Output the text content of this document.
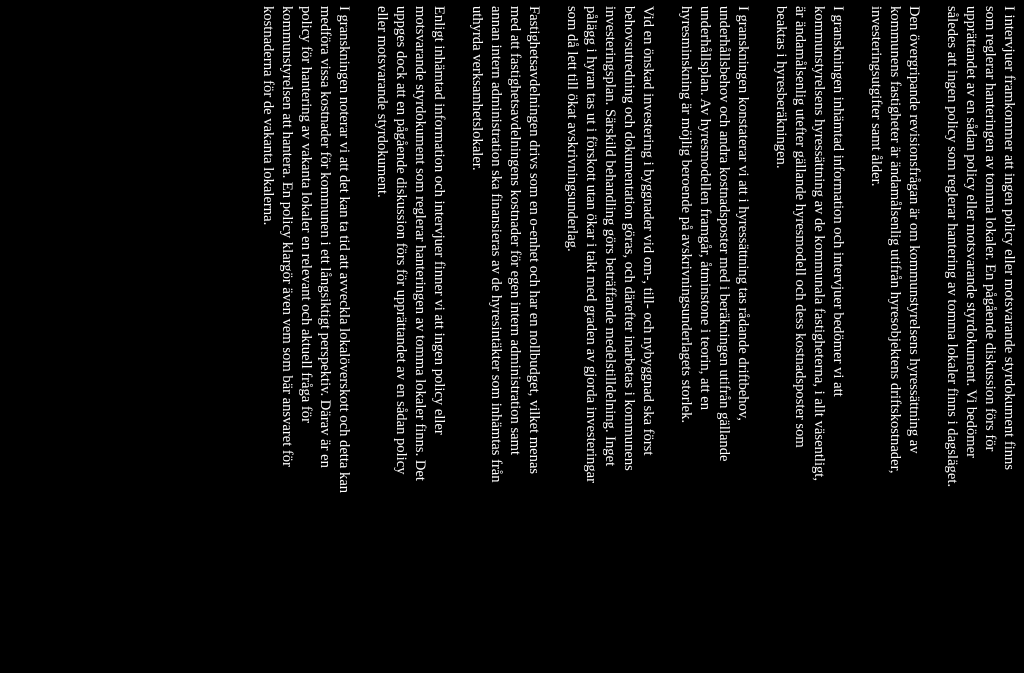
I intervjuer framkommer att ingen policy eller motsvarande styrdokument finns
som reglerar hanteringen av tomma lokaler. En pågående diskussion förs för
upprättandet av en sådan policy eller motsvarande styrdokument. Vi bedömer
således att ingen policy som reglerar hantering av tomma lokaler finns i dagsläget.
Den övergripande revisionsfrågan är om kommunstyrelsens hyressättning av
kommunens fastigheter är ändamålsenlig utifrån hyresobjektens driftskostnader,
investeringsutgifter samt ålder.
I granskningen inhämtad information och intervjuer bedömer vi att
kommunstyrelsens hyressättning av de kommunala fastigheterna, i allt väsentligt,
är ändamålsenlig utefter gällande hyresmodell och dess kostnadsposter som
beaktas i hyresberäkningen.
I granskningen konstaterar vi att i hyressättning tas rådande driftbehov,
underhållsbehov och andra kostnadsposter med i beräkningen utifrån gällande
underhållsplan. Av hyresmodellen framgår, åtminstone i teorin, att en
hyresminskning är möjlig beroende på avskrivningsunderlagets storlek.
Vid en önskad investering i byggnader vid om-, till- och nybyggnad ska först
behovsutredning och dokumentation göras, och därefter inarbetas i kommunens
investeringsplan. Särskild behandling görs beträffande medelstilldelning. Inget
pålägg i hyran tas ut i förskott utan ökar i takt med graden av gjorda investeringar
som då lett till ökat avskrivningsunderlag.
Fastighetsavdelningen drivs som en o-enhet och har en nollbudget, vilket menas
med att fastighetsavdelningens kostnader för egen intern administration samt
annan intern administration ska finansieras av de hyresintäkter som inhämtas från
uthyrda verksamhetslokaler.
Enligt inhämtad information och intervjuer finner vi att ingen policy eller
motsvarande styrdokument som reglerar hanteringen av tomma lokaler finns. Det
uppges dock att en pågående diskussion förs för upprättandet av en sådan policy
eller motsvarande styrdokument.
I granskningen noterar vi att det kan ta tid att avveckla lokalöverskott och detta kan
medföra vissa kostnader för kommunen i ett långsiktigt perspektiv. Därav är en
policy för hantering av vakanta lokaler en relevant och aktuell fråga för
kommunstyrelsen att hantera. En policy klargör även vem som bär ansvaret för
kostnaderna för de vakanta lokalerna.
